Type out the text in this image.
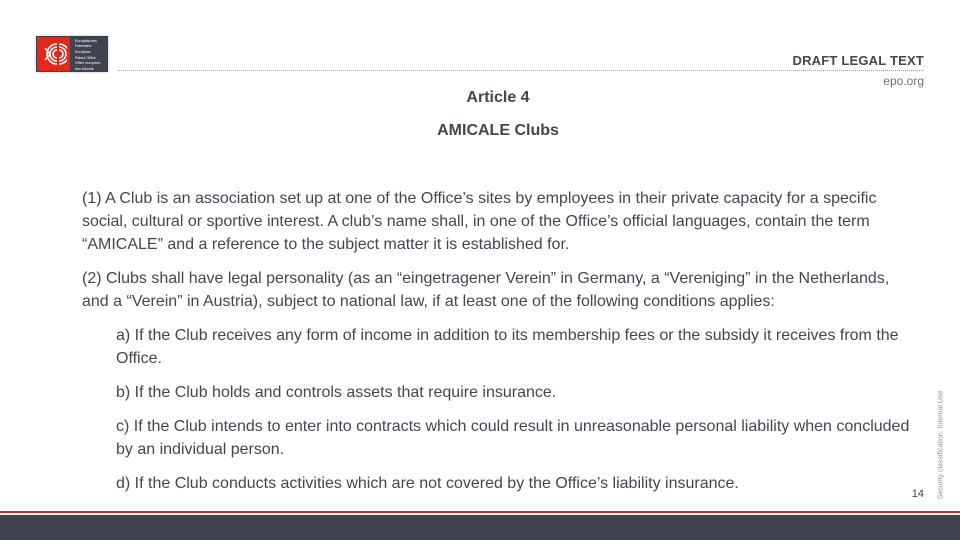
Europäisches
Patentamt
European
Patent Office
Office européen
des brevets
DRAFT LEGAL TEXT
epo.org
Article 4
AMICALE Clubs

(1) A Club is an association set up at one of the Office’s sites by employees in their private capacity for a specific social, cultural or sportive interest. A club’s name shall, in one of the Office’s official languages, contain the term “AMICALE” and a reference to the subject matter it is established for.

(2) Clubs shall have legal personality (as an “eingetragener Verein” in Germany, a “Vereniging” in the Netherlands, and a “Verein” in Austria), subject to national law, if at least one of the following conditions applies:

a) If the Club receives any form of income in addition to its membership fees or the subsidy it receives from the Office.

b) If the Club holds and controls assets that require insurance.

c) If the Club intends to enter into contracts which could result in unreasonable personal liability when concluded by an individual person.

d) If the Club conducts activities which are not covered by the Office’s liability insurance.

14 Security classification: Internal Use
